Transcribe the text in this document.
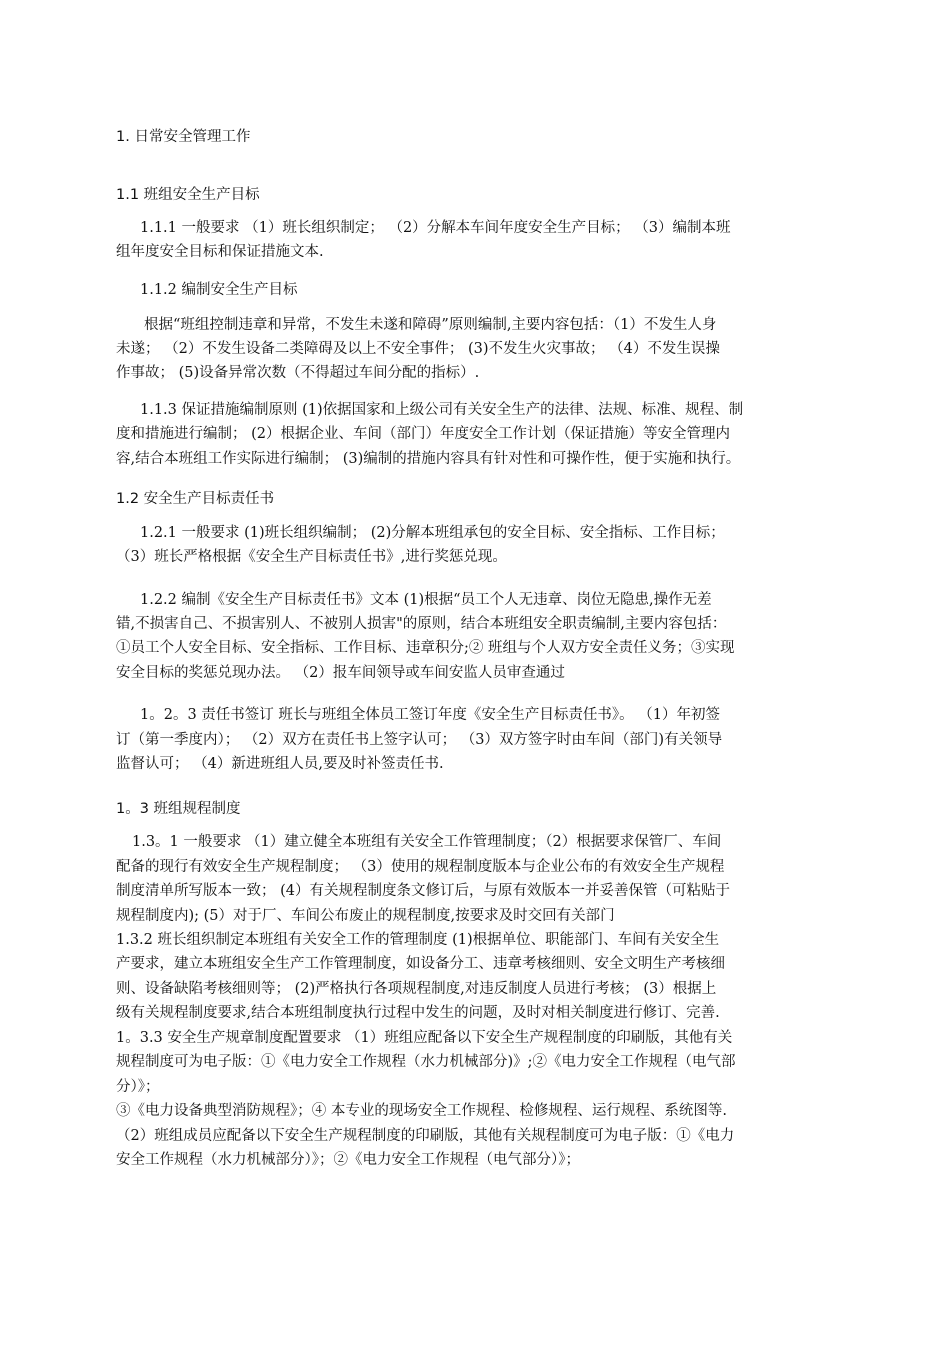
1. 日常安全管理工作
1.1 班组安全生产目标
1.1.1 一般要求 （1）班长组织制定； （2）分解本车间年度安全生产目标； （3）编制本班
组年度安全目标和保证措施文本.
1.1.2 编制安全生产目标
根据“班组控制违章和异常，不发生未遂和障碍”原则编制,主要内容包括：（1）不发生人身
未遂； （2）不发生设备二类障碍及以上不安全事件； (3)不发生火灾事故； （4）不发生误操
作事故； (5)设备异常次数（不得超过车间分配的指标）.
1.1.3 保证措施编制原则 (1)依据国家和上级公司有关安全生产的法律、法规、标准、规程、制
度和措施进行编制； (2）根据企业、车间（部门）年度安全工作计划（保证措施）等安全管理内
容,结合本班组工作实际进行编制； (3)编制的措施内容具有针对性和可操作性，便于实施和执行。
1.2 安全生产目标责任书
1.2.1 一般要求 (1)班长组织编制； (2)分解本班组承包的安全目标、安全指标、工作目标；
（3）班长严格根据《安全生产目标责任书》,进行奖惩兑现。
1.2.2 编制《安全生产目标责任书》文本 (1)根据“员工个人无违章、岗位无隐患,操作无差
错,不损害自己、不损害别人、不被别人损害"的原则，结合本班组安全职责编制,主要内容包括：
①员工个人安全目标、安全指标、工作目标、违章积分;② 班组与个人双方安全责任义务；③实现
安全目标的奖惩兑现办法。 （2）报车间领导或车间安监人员审查通过
1。2。3 责任书签订 班长与班组全体员工签订年度《安全生产目标责任书》。 （1）年初签
订（第一季度内）； （2）双方在责任书上签字认可； （3）双方签字时由车间（部门)有关领导
监督认可； （4）新进班组人员,要及时补签责任书.
1。3 班组规程制度
1.3。1 一般要求 （1）建立健全本班组有关安全工作管理制度；（2）根据要求保管厂、车间
配备的现行有效安全生产规程制度； （3）使用的规程制度版本与企业公布的有效安全生产规程
制度清单所写版本一致； (4）有关规程制度条文修订后，与原有效版本一并妥善保管（可粘贴于
规程制度内); (5）对于厂、车间公布废止的规程制度,按要求及时交回有关部门
1.3.2 班长组织制定本班组有关安全工作的管理制度 (1)根据单位、职能部门、车间有关安全生
产要求，建立本班组安全生产工作管理制度，如设备分工、违章考核细则、安全文明生产考核细
则、设备缺陷考核细则等； (2)严格执行各项规程制度,对违反制度人员进行考核； (3）根据上
级有关规程制度要求,结合本班组制度执行过程中发生的问题，及时对相关制度进行修订、完善.
1。3.3 安全生产规章制度配置要求 （1）班组应配备以下安全生产规程制度的印刷版，其他有关
规程制度可为电子版：①《电力安全工作规程（水力机械部分)》;②《电力安全工作规程（电气部
分）》；
③《电力设备典型消防规程》；④ 本专业的现场安全工作规程、检修规程、运行规程、系统图等.
（2）班组成员应配备以下安全生产规程制度的印刷版，其他有关规程制度可为电子版：①《电力
安全工作规程（水力机械部分）》；②《电力安全工作规程（电气部分）》；
